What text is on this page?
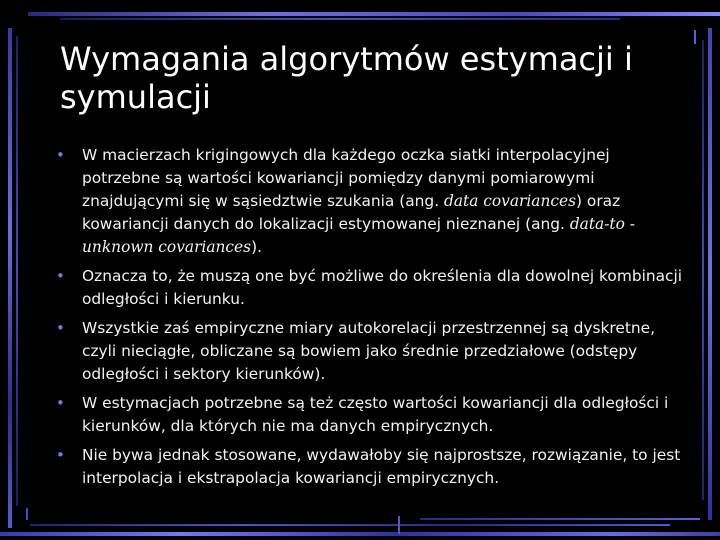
Wymagania algorytmów estymacji i symulacji
• W macierzach krigingowych dla każdego oczka siatki interpolacyjnej potrzebne są wartości kowariancji pomiędzy danymi pomiarowymi znajdującymi się w sąsiedztwie szukania (ang. data covariances) oraz kowariancji danych do lokalizacji estymowanej nieznanej (ang. data-to -unknown covariances).
• Oznacza to, że muszą one być możliwe do określenia dla dowolnej kombinacji odległości i kierunku.
• Wszystkie zaś empiryczne miary autokorelacji przestrzennej są dyskretne, czyli nieciągłe, obliczane są bowiem jako średnie przedziałowe (odstępy odległości i sektory kierunków).
• W estymacjach potrzebne są też często wartości kowariancji dla odległości i kierunków, dla których nie ma danych empirycznych.
• Nie bywa jednak stosowane, wydawałoby się najprostsze, rozwiązanie, to jest interpolacja i ekstrapolacja kowariancji empirycznych.
